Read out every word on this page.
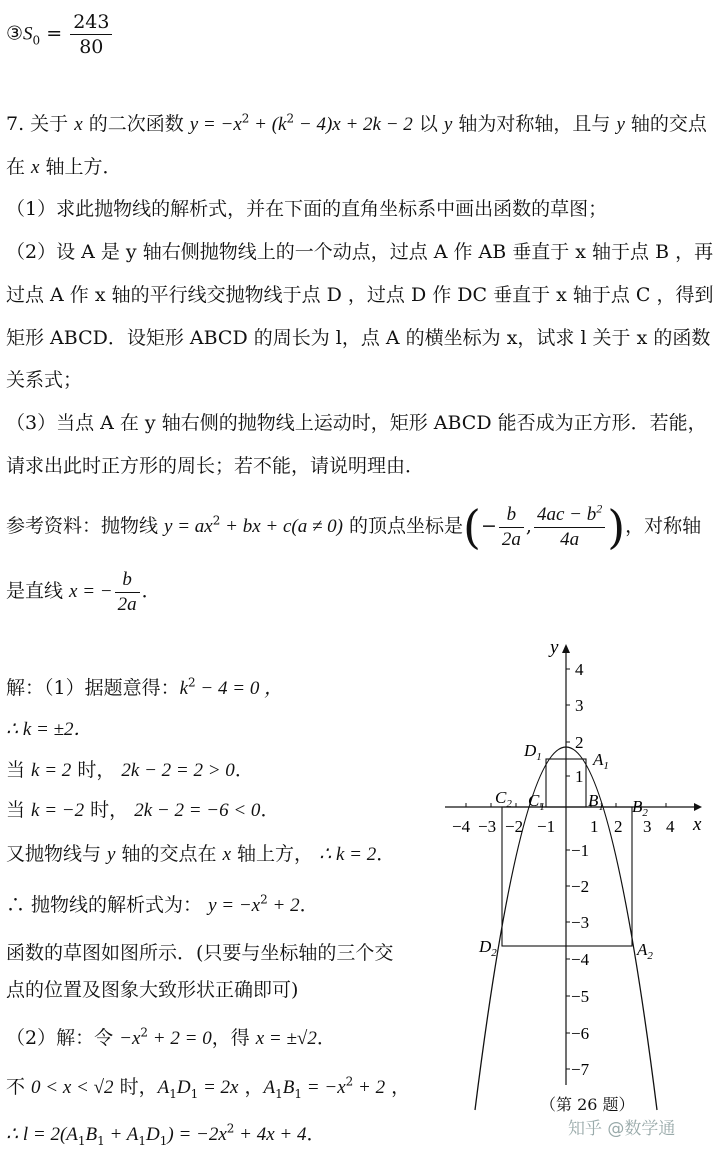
$③S_0 = \frac{243}{80}$
7. 关于 x 的二次函数 $y = -x^2 + (k^2 - 4)x + 2k - 2$ 以 y 轴为对称轴，且与 y 轴的交点
在 x 轴上方．
（1）求此抛物线的解析式，并在下面的直角坐标系中画出函数的草图；
（2）设 A 是 y 轴右侧抛物线上的一个动点，过点 A 作 AB 垂直于 x 轴于点 B ，再
过点 A 作 x 轴的平行线交抛物线于点 D ，过点 D 作 DC 垂直于 x 轴于点 C ，得到
矩形 ABCD．设矩形 ABCD 的周长为 l，点 A 的横坐标为 x，试求 l 关于 x 的函数
关系式；
（3）当点 A 在 y 轴右侧的抛物线上运动时，矩形 ABCD 能否成为正方形．若能，
请求出此时正方形的周长；若不能，请说明理由．
参考资料：抛物线 $y = ax^2$ + bx + c(a ≠ 0) 的顶点坐标是(− $\frac{b}{2a}$ , $\frac{4ac - b^2}{4a}$ )，对称轴
是直线 x = − $\frac{b}{2a}$ ．
解：（1）据题意得：$k^2 - 4 = 0$ ，
∴ k = ±2．
当 k = 2 时， 2k − 2 = 2 > 0．
当 k = −2 时， 2k − 2 = −6 < 0．
又抛物线与 y 轴的交点在 x 轴上方， ∴ k = 2．
∴ 抛物线的解析式为： $y = -x^2 + 2$．
函数的草图如图所示．(只要与坐标轴的三个交
点的位置及图象大致形状正确即可)
（2）解：令 $-x^2 + 2 = 0$，得 x = ±√2．
不 0 < x < √2 时，$A_1D_1 = 2x$ ，$A_1B_1 = -x^2 + 2$ ，
∴ $l = 2(A_1B_1 + A_1D_1) = -2x^2 + 4x + 4$．
−4 −3 −2 −1 1 2 3 4
4
3
2
1
−1
−2
−3
−4
−5
−6
−7
x
y
$D_1$	$A_1$
$C_1$	$B_1$
$C_2$	$B_2$
$D_2$	$A_2$
（第 26 题）
知乎 @数学通
